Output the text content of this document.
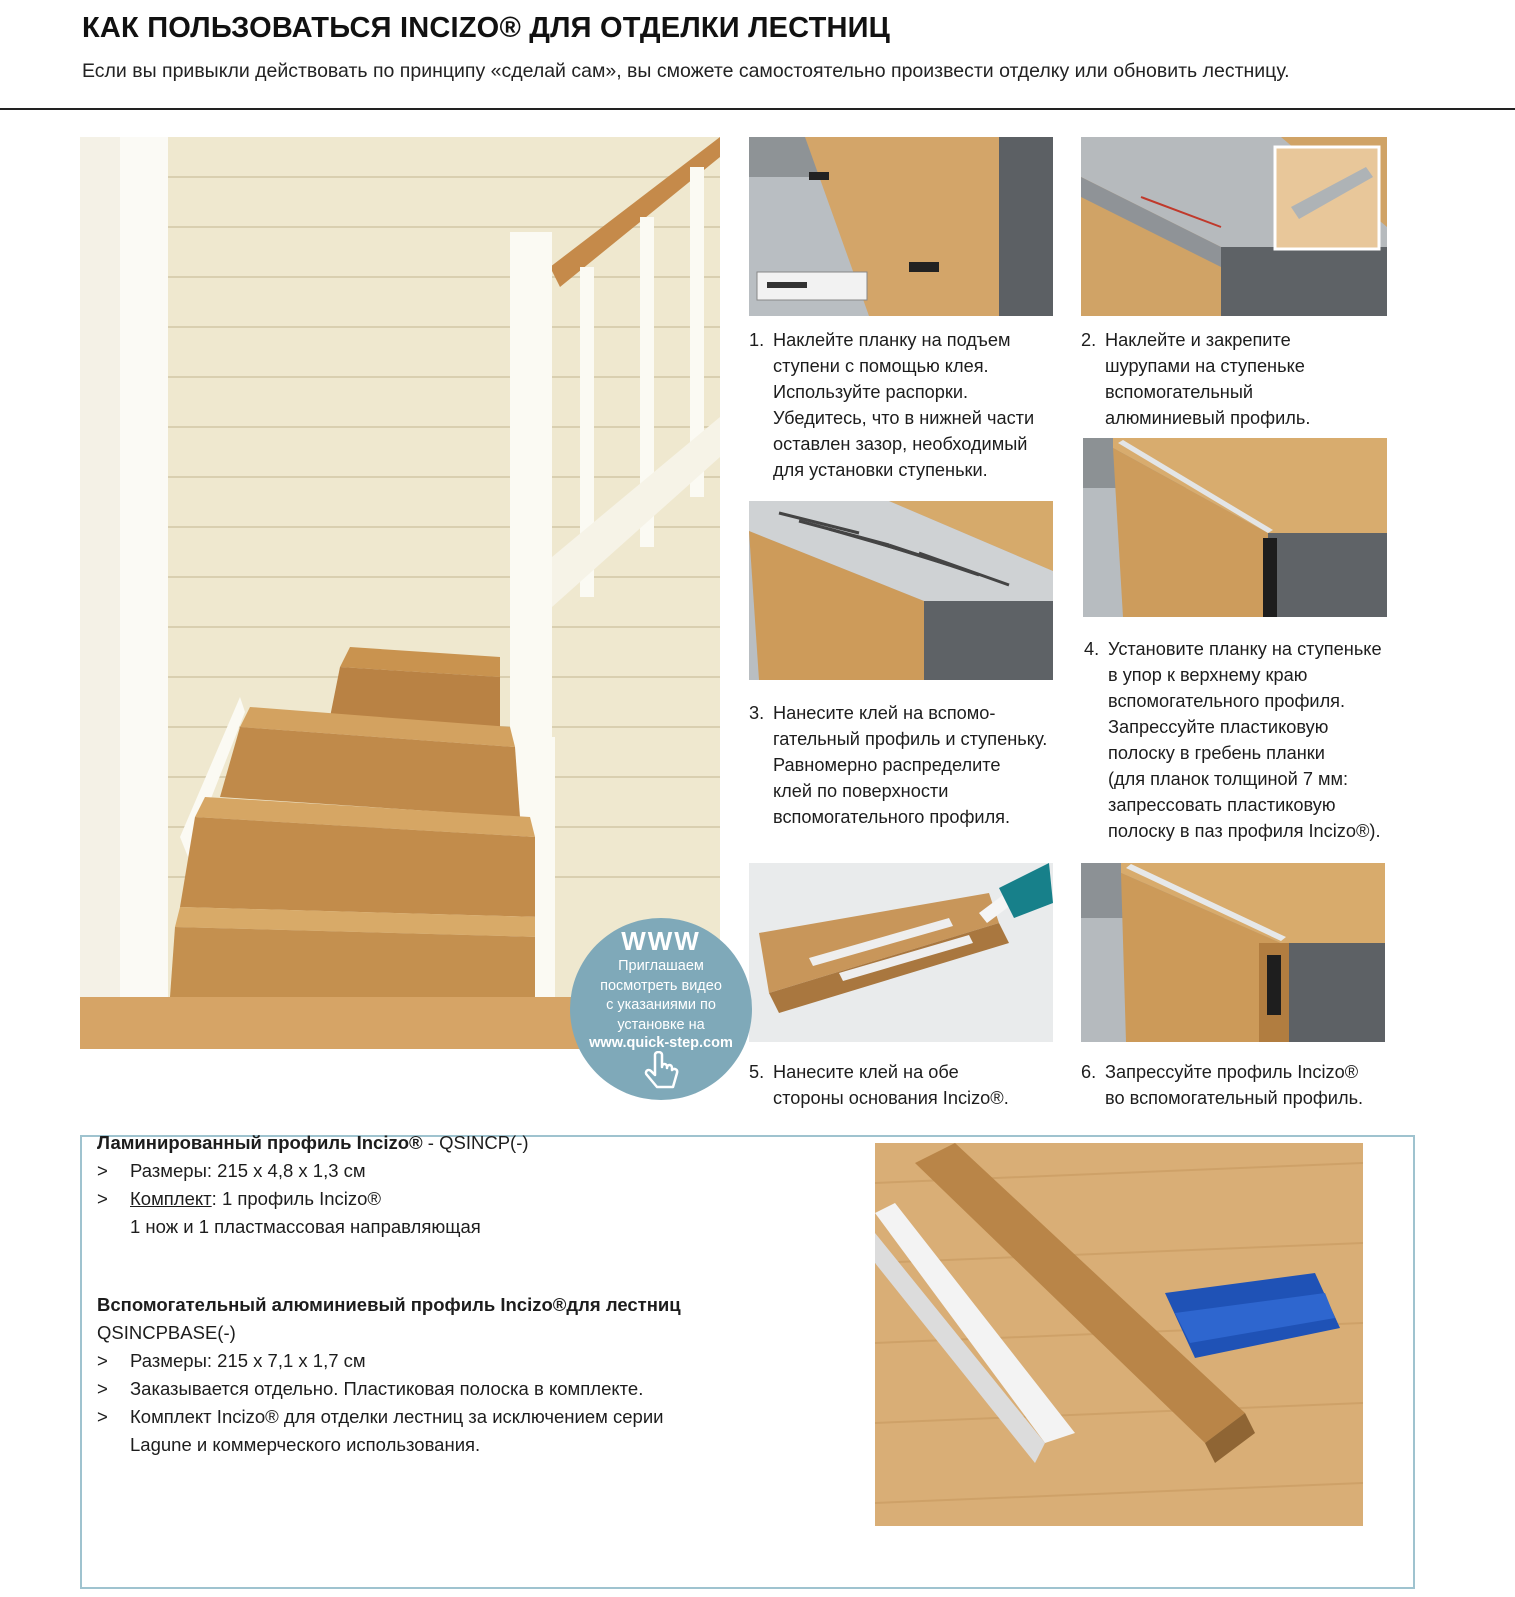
КАК ПОЛЬЗОВАТЬСЯ INCIZO® ДЛЯ ОТДЕЛКИ ЛЕСТНИЦ
Если вы привыкли действовать по принципу «сделай сам», вы сможете самостоятельно произвести отделку или обновить лестницу.
1. Наклейте планку на подъем
ступени с помощью клея.
Используйте распорки.
Убедитесь, что в нижней части
оставлен зазор, необходимый
для установки ступеньки.
2. Наклейте и закрепите
шурупами на ступеньке
вспомогательный
алюминиевый профиль.
3. Нанесите клей на вспомо-
гательный профиль и ступеньку.
Равномерно распределите
клей по поверхности
вспомогательного профиля.
4. Установите планку на ступеньке
в упор к верхнему краю
вспомогательного профиля.
Запрессуйте пластиковую
полоску в гребень планки
(для планок толщиной 7 мм:
запрессовать пластиковую
полоску в паз профиля Incizo®).
5. Нанесите клей на обе
стороны основания Incizo®.
6. Запрессуйте профиль Incizo®
во вспомогательный профиль.
WWW
Приглашаем
посмотреть видео
с указаниями по
установке на
www.quick-step.com
Ламинированный профиль Incizo® - QSINCP(-)
> Размеры: 215 x 4,8 x 1,3 см
> Комплект: 1 профиль Incizo®
1 нож и 1 пластмассовая направляющая
Вспомогательный алюминиевый профиль Incizo®для лестниц QSINCPBASE(-)
> Размеры: 215 x 7,1 x 1,7 см
> Заказывается отдельно. Пластиковая полоска в комплекте.
> Комплект Incizo® для отделки лестниц за исключением серии Lagune и коммерческого использования.
